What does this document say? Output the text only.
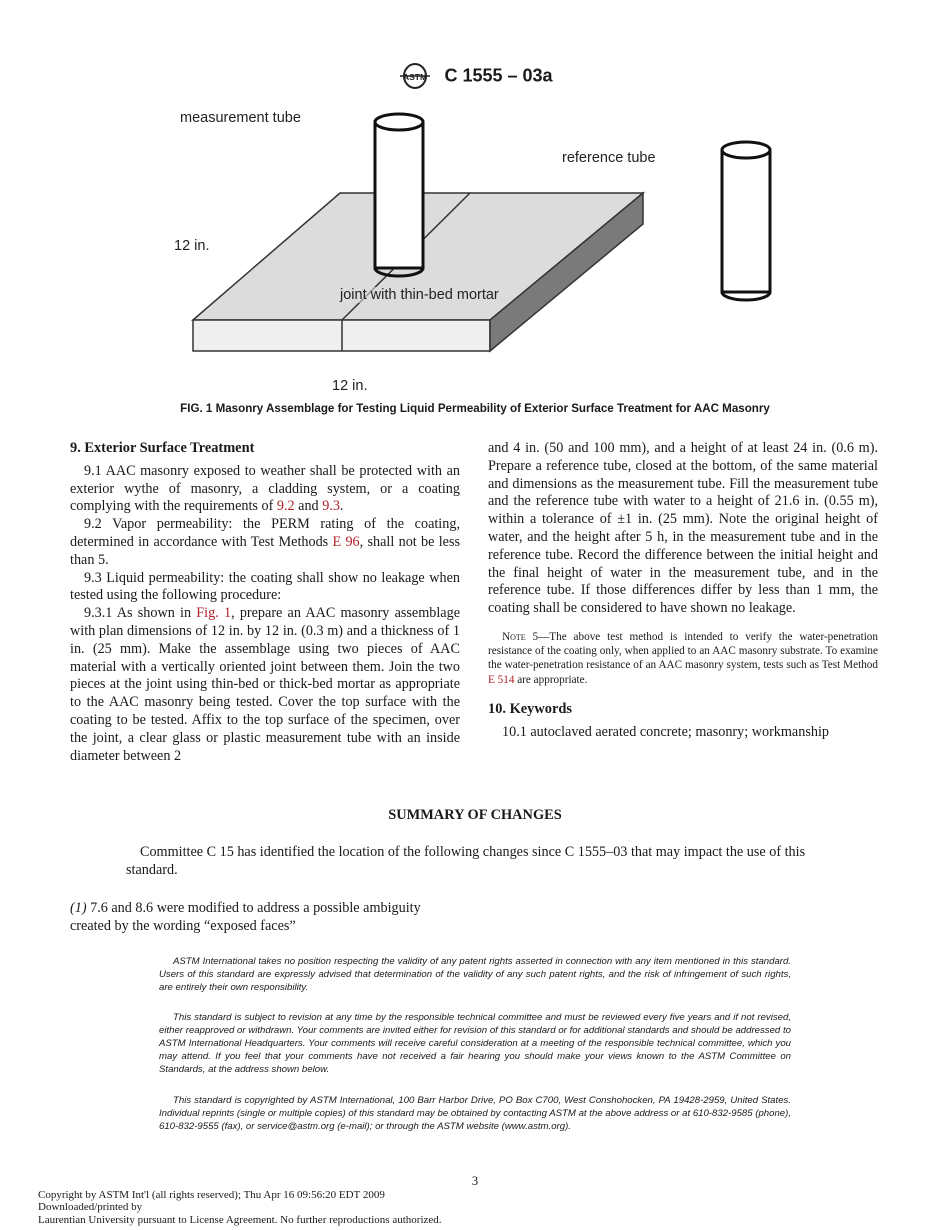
ASTM C 1555 – 03a
measurement tube
reference tube
12 in.
joint with thin-bed mortar
12 in.
FIG. 1 Masonry Assemblage for Testing Liquid Permeability of Exterior Surface Treatment for AAC Masonry
9. Exterior Surface Treatment

9.1 AAC masonry exposed to weather shall be protected with an exterior wythe of masonry, a cladding system, or a coating complying with the requirements of 9.2 and 9.3.

9.2 Vapor permeability: the PERM rating of the coating, determined in accordance with Test Methods E 96, shall not be less than 5.

9.3 Liquid permeability: the coating shall show no leakage when tested using the following procedure:

9.3.1 As shown in Fig. 1, prepare an AAC masonry assemblage with plan dimensions of 12 in. by 12 in. (0.3 m) and a thickness of 1 in. (25 mm). Make the assemblage using two pieces of AAC material with a vertically oriented joint between them. Join the two pieces at the joint using thin-bed or thick-bed mortar as appropriate to the AAC masonry being tested. Cover the top surface with the coating to be tested. Affix to the top surface of the specimen, over the joint, a clear glass or plastic measurement tube with an inside diameter between 2

and 4 in. (50 and 100 mm), and a height of at least 24 in. (0.6 m). Prepare a reference tube, closed at the bottom, of the same material and dimensions as the measurement tube. Fill the measurement tube and the reference tube with water to a height of 21.6 in. (0.55 m), within a tolerance of ±1 in. (25 mm). Note the original height of water, and the height after 5 h, in the measurement tube and in the reference tube. Record the difference between the initial height and the final height of water in the measurement tube, and in the reference tube. If those differences differ by less than 1 mm, the coating shall be considered to have shown no leakage.

Note 5—The above test method is intended to verify the water-penetration resistance of the coating only, when applied to an AAC masonry substrate. To examine the water-penetration resistance of an AAC masonry system, tests such as Test Method E 514 are appropriate.

10. Keywords

10.1 autoclaved aerated concrete; masonry; workmanship

SUMMARY OF CHANGES
Committee C 15 has identified the location of the following changes since C 1555–03 that may impact the use of this standard.
(1) 7.6 and 8.6 were modified to address a possible ambiguity created by the wording “exposed faces”
ASTM International takes no position respecting the validity of any patent rights asserted in connection with any item mentioned in this standard. Users of this standard are expressly advised that determination of the validity of any such patent rights, and the risk of infringement of such rights, are entirely their own responsibility.
This standard is subject to revision at any time by the responsible technical committee and must be reviewed every five years and if not revised, either reapproved or withdrawn. Your comments are invited either for revision of this standard or for additional standards and should be addressed to ASTM International Headquarters. Your comments will receive careful consideration at a meeting of the responsible technical committee, which you may attend. If you feel that your comments have not received a fair hearing you should make your views known to the ASTM Committee on Standards, at the address shown below.
This standard is copyrighted by ASTM International, 100 Barr Harbor Drive, PO Box C700, West Conshohocken, PA 19428-2959, United States. Individual reprints (single or multiple copies) of this standard may be obtained by contacting ASTM at the above address or at 610-832-9585 (phone), 610-832-9555 (fax), or service@astm.org (e-mail); or through the ASTM website (www.astm.org).
3
Copyright by ASTM Int'l (all rights reserved); Thu Apr 16 09:56:20 EDT 2009
Downloaded/printed by
Laurentian University pursuant to License Agreement. No further reproductions authorized.
